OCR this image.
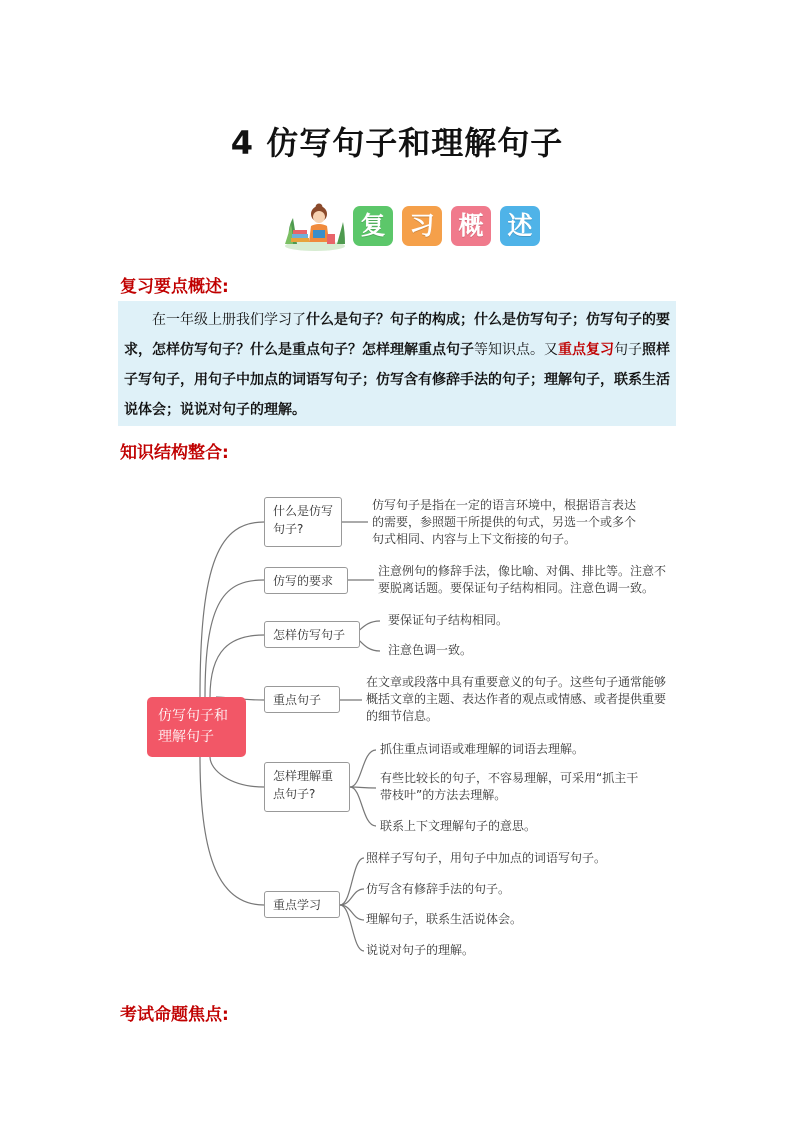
4 仿写句子和理解句子
复 习 概 述
复习要点概述:
在一年级上册我们学习了什么是句子？句子的构成；什么是仿写句子；仿写句子的要求，怎样仿写句子？什么是重点句子？怎样理解重点句子等知识点。又重点复习句子照样子写句子，用句子中加点的词语写句子；仿写含有修辞手法的句子；理解句子，联系生活说体会；说说对句子的理解。
知识结构整合:
仿写句子和理解句子
什么是仿写句子?
仿写的要求
怎样仿写句子
重点句子
怎样理解重点句子?
重点学习
仿写句子是指在一定的语言环境中，根据语言表达的需要，参照题干所提供的句式，另选一个或多个句式相同、内容与上下文衔接的句子。
注意例句的修辞手法，像比喻、对偶、排比等。注意不要脱离话题。要保证句子结构相同。注意色调一致。
要保证句子结构相同。
注意色调一致。
在文章或段落中具有重要意义的句子。这些句子通常能够概括文章的主题、表达作者的观点或情感、或者提供重要的细节信息。
抓住重点词语或难理解的词语去理解。
有些比较长的句子，不容易理解，可采用“抓主干带枝叶”的方法去理解。
联系上下文理解句子的意思。
照样子写句子，用句子中加点的词语写句子。
仿写含有修辞手法的句子。
理解句子，联系生活说体会。
说说对句子的理解。
考试命题焦点:
